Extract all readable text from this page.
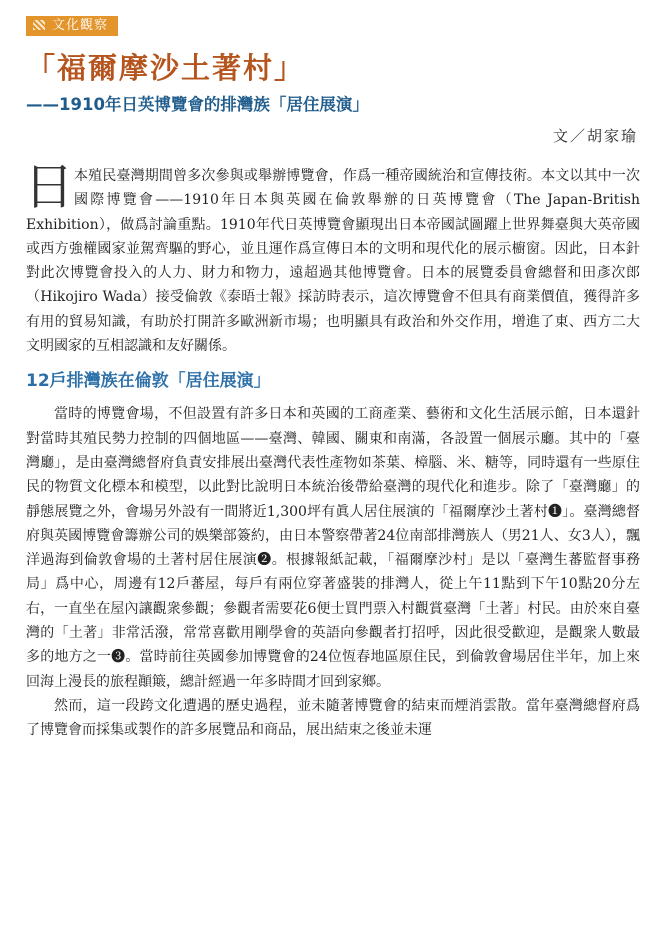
文化觀察
「福爾摩沙土著村」
——1910年日英博覽會的排灣族「居住展演」
文／胡家瑜

日本殖民臺灣期間曾多次參與或舉辦博覽會，作爲一種帝國統治和宣傳技術。本文以其中一次國際博覽會——1910年日本與英國在倫敦舉辦的日英博覽會（The Japan-British Exhibition），做爲討論重點。1910年代日英博覽會顯現出日本帝國試圖躍上世界舞臺與大英帝國或西方強權國家並駕齊驅的野心，並且運作爲宣傳日本的文明和現代化的展示櫥窗。因此，日本針對此次博覽會投入的人力、財力和物力，遠超過其他博覽會。日本的展覽委員會總督和田彥次郎（Hikojiro Wada）接受倫敦《泰晤士報》採訪時表示，這次博覽會不但具有商業價值，獲得許多有用的貿易知識，有助於打開許多歐洲新市場；也明顯具有政治和外交作用，增進了東、西方二大文明國家的互相認識和友好關係。

12戶排灣族在倫敦「居住展演」

當時的博覽會場，不但設置有許多日本和英國的工商產業、藝術和文化生活展示館，日本還針對當時其殖民勢力控制的四個地區——臺灣、韓國、關東和南滿，各設置一個展示廳。其中的「臺灣廳」，是由臺灣總督府負責安排展出臺灣代表性產物如茶葉、樟腦、米、糖等，同時還有一些原住民的物質文化標本和模型，以此對比說明日本統治後帶給臺灣的現代化和進步。除了「臺灣廳」的靜態展覽之外，會場另外設有一間將近1,300坪有眞人居住展演的「福爾摩沙土著村❶」。臺灣總督府與英國博覽會籌辦公司的娛樂部簽約，由日本警察帶著24位南部排灣族人（男21人、女3人），飄洋過海到倫敦會場的土著村居住展演❷。根據報紙記載，「福爾摩沙村」是以「臺灣生蕃監督事務局」爲中心，周邊有12戶蕃屋，每戶有兩位穿著盛裝的排灣人，從上午11點到下午10點20分左右，一直坐在屋內讓觀衆參觀；參觀者需要花6便士買門票入村觀賞臺灣「土著」村民。由於來自臺灣的「土著」非常活潑，常常喜歡用剛學會的英語向參觀者打招呼，因此很受歡迎，是觀衆人數最多的地方之一❸。當時前往英國參加博覽會的24位恆春地區原住民，到倫敦會場居住半年，加上來回海上漫長的旅程顚簸，總計經過一年多時間才回到家鄉。

然而，這一段跨文化遭遇的歷史過程，並未隨著博覽會的結束而煙消雲散。當年臺灣總督府爲了博覽會而採集或製作的許多展覽品和商品，展出結束之後並未運
